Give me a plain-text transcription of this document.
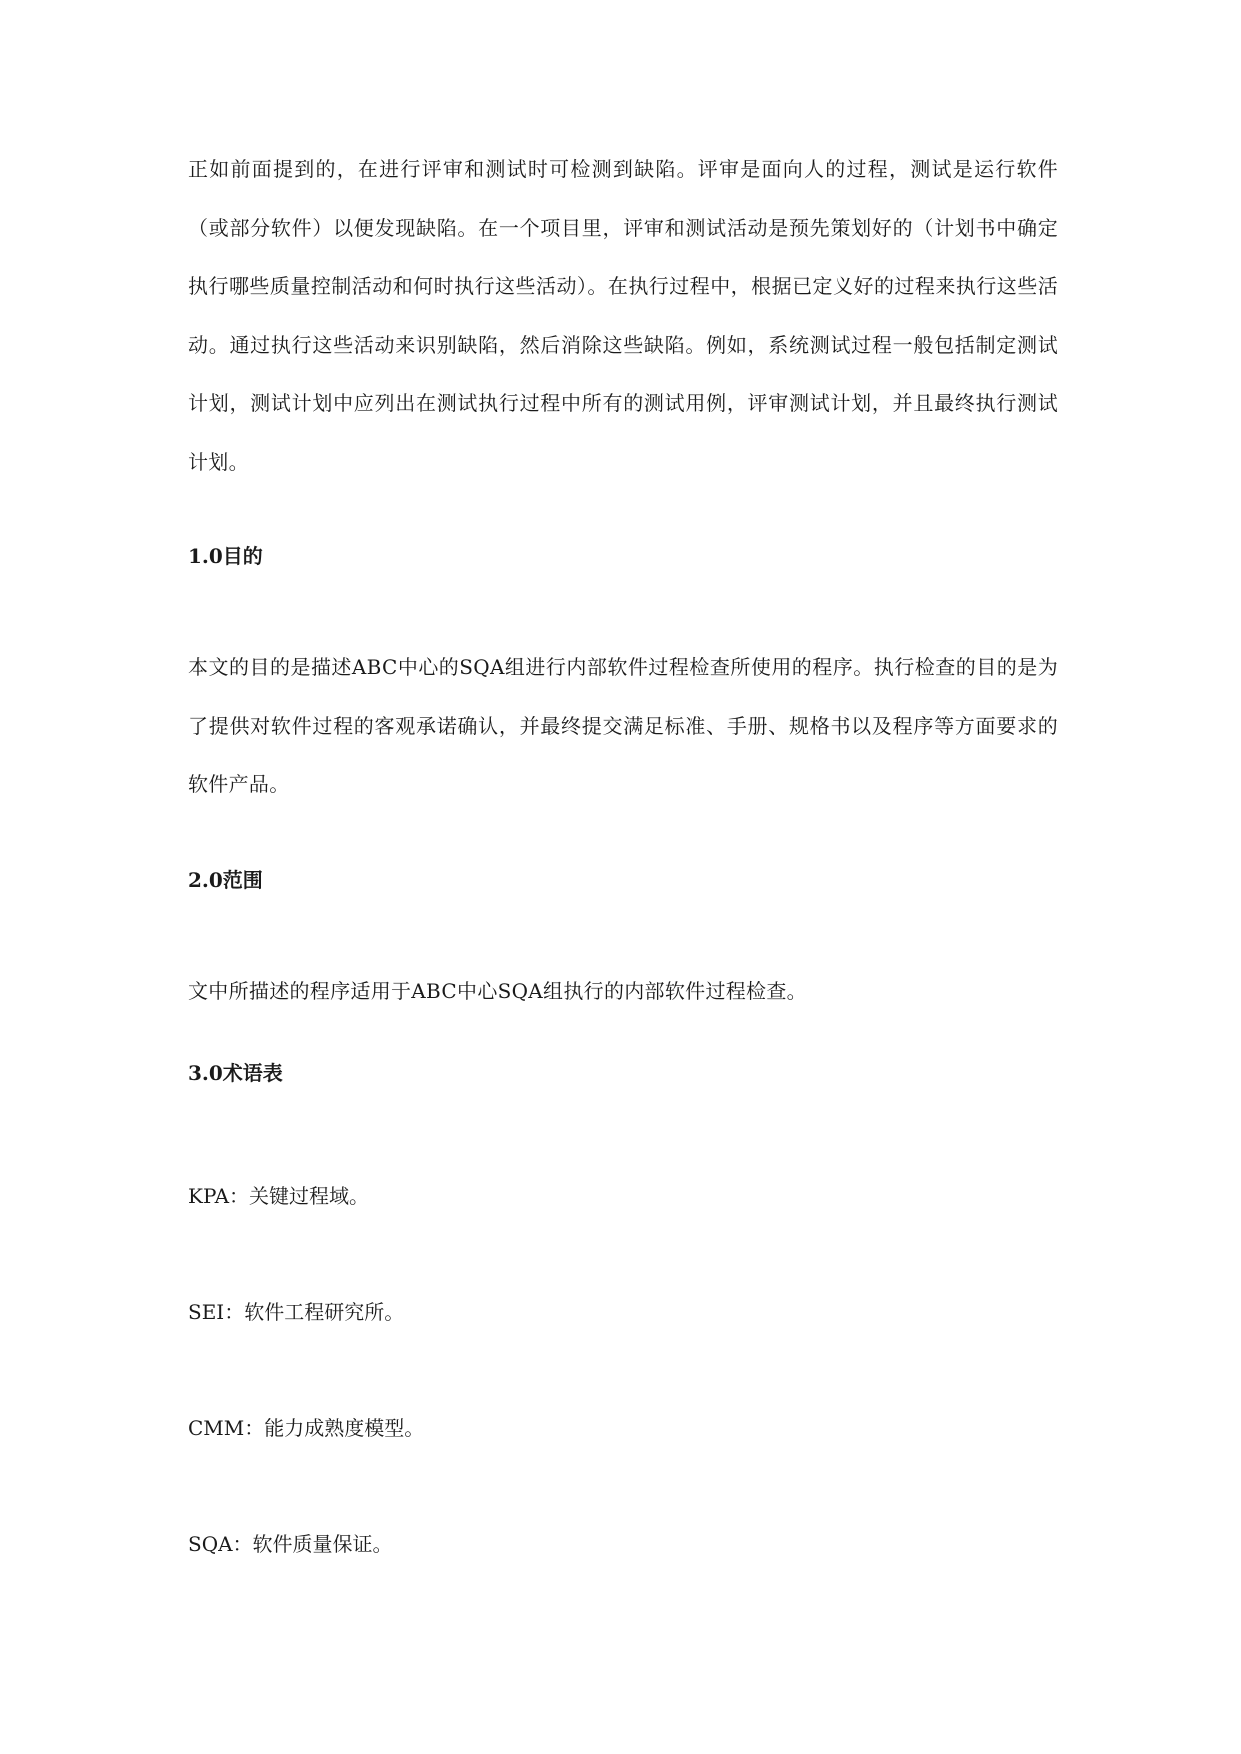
正如前面提到的，在进行评审和测试时可检测到缺陷。评审是面向人的过程，测试是运行软件（或部分软件）以便发现缺陷。在一个项目里，评审和测试活动是预先策划好的（计划书中确定执行哪些质量控制活动和何时执行这些活动）。在执行过程中，根据已定义好的过程来执行这些活动。通过执行这些活动来识别缺陷，然后消除这些缺陷。例如，系统测试过程一般包括制定测试计划，测试计划中应列出在测试执行过程中所有的测试用例，评审测试计划，并且最终执行测试计划。

1.0目的

本文的目的是描述ABC中心的SQA组进行内部软件过程检查所使用的程序。执行检查的目的是为了提供对软件过程的客观承诺确认，并最终提交满足标准、手册、规格书以及程序等方面要求的软件产品。

2.0范围

文中所描述的程序适用于ABC中心SQA组执行的内部软件过程检查。

3.0术语表
KPA：关键过程域。
SEI：软件工程研究所。
CMM：能力成熟度模型。
SQA：软件质量保证。
